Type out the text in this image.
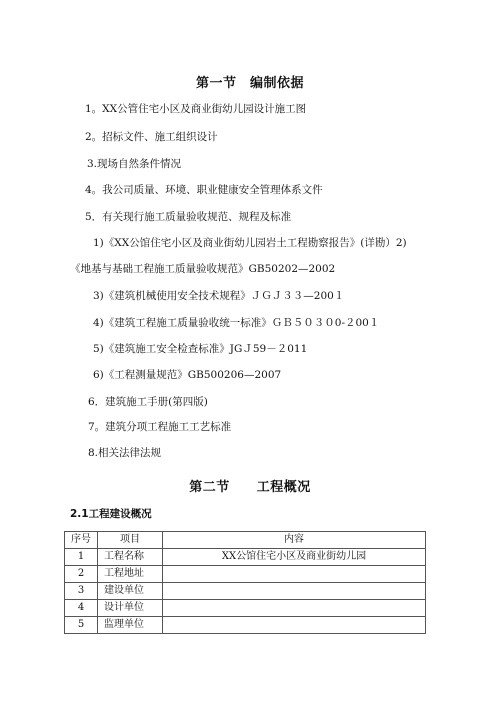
第一节　编制依据
1。XX公管住宅小区及商业街幼儿园设计施工图
2。招标文件、施工组织设计
3.现场自然条件情况
4。我公司质量、环境、职业健康安全管理体系文件
5．有关现行施工质量验收规范、规程及标准
1)《XX公馆住宅小区及商业街幼儿园岩土工程勘察报告》(详勘）2)
《地基与基础工程施工质量验收规范》GB50202—2002
3)《建筑机械使用安全技术规程》ＪＧＪ３３—200１
4)《建筑工程施工质量验收统一标准》ＧＢ５０３０0-２00１
5)《建筑施工安全检查标准》JGＪ59－２011
6)《工程测量规范》GB500206—2007
6．建筑施工手册(第四版)
7。建筑分项工程施工工艺标准
8.相关法律法规
第二节　　工程概况
2.1工程建设概况
序号	项目	内容
1	工程名称	XX公馆住宅小区及商业街幼儿园
2	工程地址	
3	建设单位	
4	设计单位	
5	监理单位	
